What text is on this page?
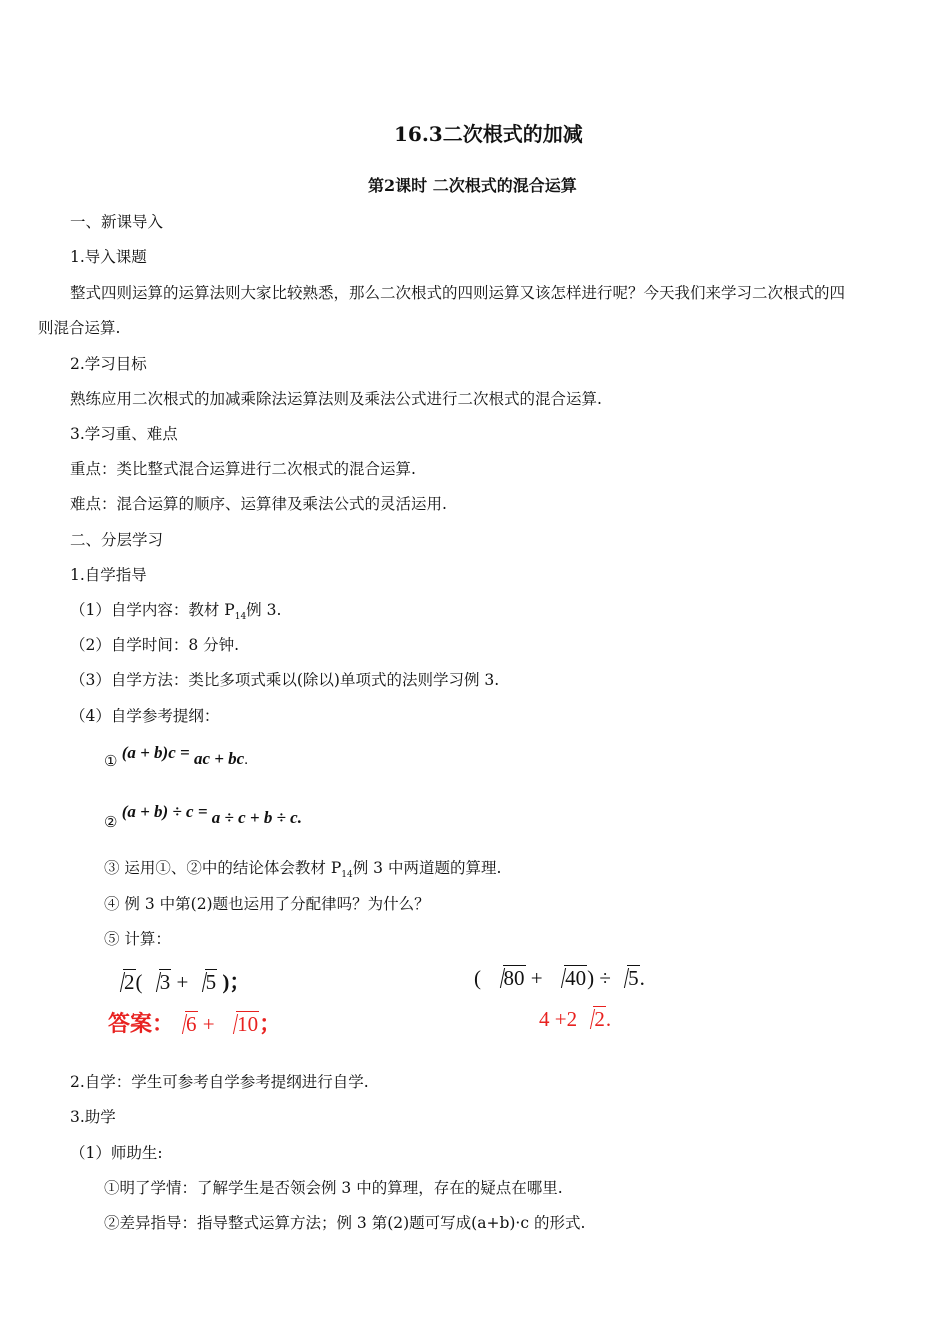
16.3二次根式的加减
第2课时 二次根式的混合运算
一、新课导入
1.导入课题
整式四则运算的运算法则大家比较熟悉，那么二次根式的四则运算又该怎样进行呢？今天我们来学习二次根式的四
则混合运算.
2.学习目标
熟练应用二次根式的加减乘除法运算法则及乘法公式进行二次根式的混合运算.
3.学习重、难点
重点：类比整式混合运算进行二次根式的混合运算.
难点：混合运算的顺序、运算律及乘法公式的灵活运用.
二、分层学习
1.自学指导
（1）自学内容：教材 $P_{14}$例 3.
（2）自学时间：8 分钟.
（3）自学方法：类比多项式乘以(除以)单项式的法则学习例 3.
（4）自学参考提纲：
① (a + b)c = ac + bc.
② (a + b) ÷ c = a ÷ c + b ÷ c.
③ 运用①、②中的结论体会教材 $P_{14}$例 3 中两道题的算理.
④ 例 3 中第(2)题也运用了分配律吗？为什么？
⑤ 计算：
2( 3 + 5 )；	( 80 + 40) ÷ 5.
答案： 6 + 10；	4 +2 2.
2.自学：学生可参考自学参考提纲进行自学.
3.助学
（1）师助生:
①明了学情：了解学生是否领会例 3 中的算理，存在的疑点在哪里.
②差异指导：指导整式运算方法；例 3 第(2)题可写成(a+b)·c 的形式.
